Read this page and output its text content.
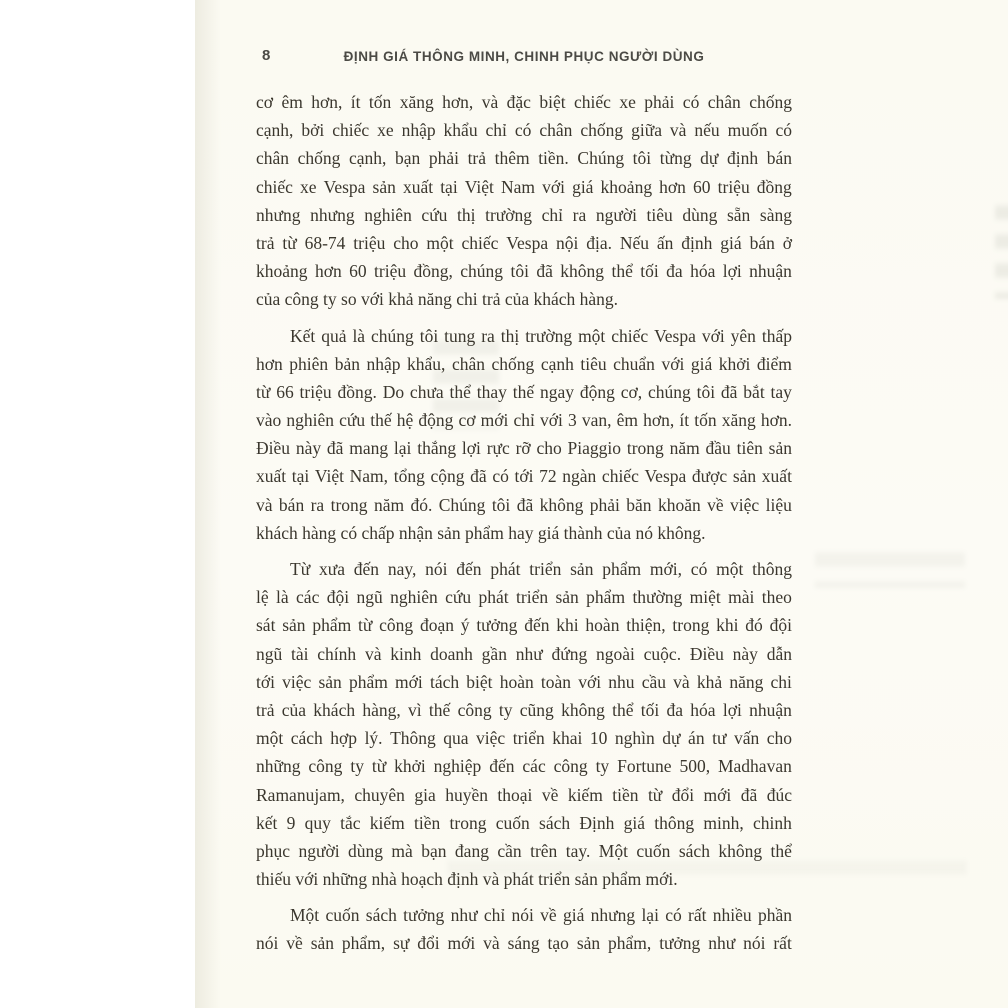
8	ĐỊNH GIÁ THÔNG MINH, CHINH PHỤC NGƯỜI DÙNG
cơ êm hơn, ít tốn xăng hơn, và đặc biệt chiếc xe phải có chân chống
cạnh, bởi chiếc xe nhập khẩu chỉ có chân chống giữa và nếu muốn có
chân chống cạnh, bạn phải trả thêm tiền. Chúng tôi từng dự định bán
chiếc xe Vespa sản xuất tại Việt Nam với giá khoảng hơn 60 triệu đồng
nhưng nhưng nghiên cứu thị trường chỉ ra người tiêu dùng sẵn sàng
trả từ 68-74 triệu cho một chiếc Vespa nội địa. Nếu ấn định giá bán ở
khoảng hơn 60 triệu đồng, chúng tôi đã không thể tối đa hóa lợi nhuận
của công ty so với khả năng chi trả của khách hàng.
Kết quả là chúng tôi tung ra thị trường một chiếc Vespa với yên thấp
hơn phiên bản nhập khẩu, chân chống cạnh tiêu chuẩn với giá khởi điểm
từ 66 triệu đồng. Do chưa thể thay thế ngay động cơ, chúng tôi đã bắt tay
vào nghiên cứu thế hệ động cơ mới chỉ với 3 van, êm hơn, ít tốn xăng hơn.
Điều này đã mang lại thắng lợi rực rỡ cho Piaggio trong năm đầu tiên sản
xuất tại Việt Nam, tổng cộng đã có tới 72 ngàn chiếc Vespa được sản xuất
và bán ra trong năm đó. Chúng tôi đã không phải băn khoăn về việc liệu
khách hàng có chấp nhận sản phẩm hay giá thành của nó không.
Từ xưa đến nay, nói đến phát triển sản phẩm mới, có một thông
lệ là các đội ngũ nghiên cứu phát triển sản phẩm thường miệt mài theo
sát sản phẩm từ công đoạn ý tưởng đến khi hoàn thiện, trong khi đó đội
ngũ tài chính và kinh doanh gần như đứng ngoài cuộc. Điều này dẫn
tới việc sản phẩm mới tách biệt hoàn toàn với nhu cầu và khả năng chi
trả của khách hàng, vì thế công ty cũng không thể tối đa hóa lợi nhuận
một cách hợp lý. Thông qua việc triển khai 10 nghìn dự án tư vấn cho
những công ty từ khởi nghiệp đến các công ty Fortune 500, Madhavan
Ramanujam, chuyên gia huyền thoại về kiếm tiền từ đổi mới đã đúc
kết 9 quy tắc kiếm tiền trong cuốn sách Định giá thông minh, chinh
phục người dùng mà bạn đang cần trên tay. Một cuốn sách không thể
thiếu với những nhà hoạch định và phát triển sản phẩm mới.
Một cuốn sách tưởng như chỉ nói về giá nhưng lại có rất nhiều phần
nói về sản phẩm, sự đổi mới và sáng tạo sản phẩm, tưởng như nói rất
